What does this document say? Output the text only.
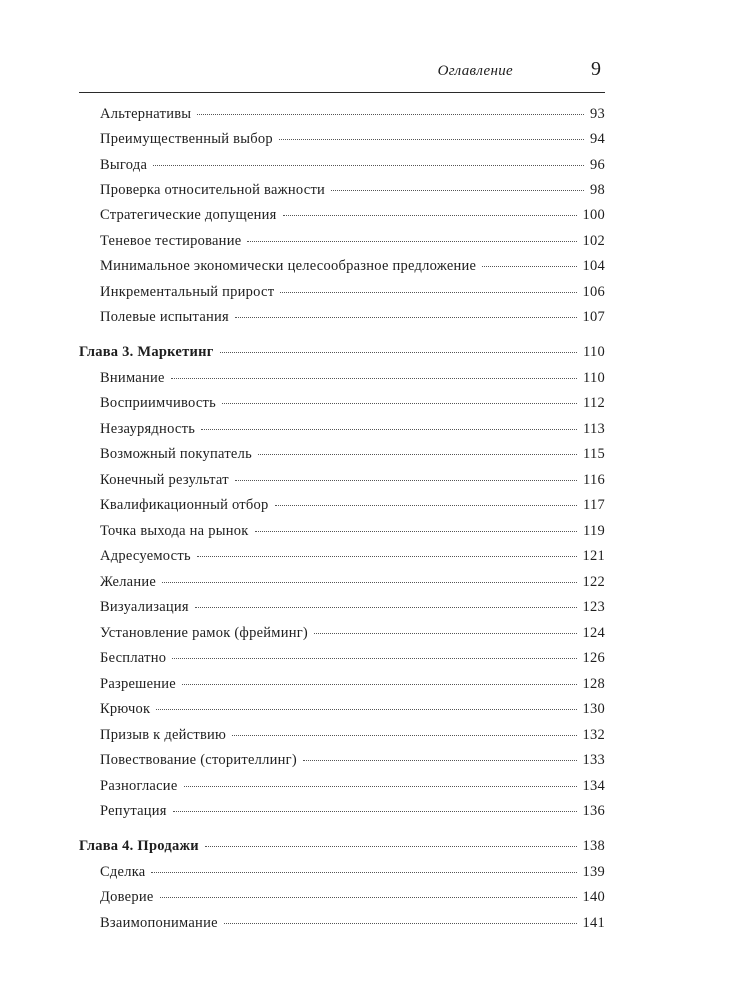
Оглавление	9
Альтернативы	93
Преимущественный выбор	94
Выгода	96
Проверка относительной важности	98
Стратегические допущения	100
Теневое тестирование	102
Минимальное экономически целесообразное предложение	104
Инкрементальный прирост	106
Полевые испытания	107
Глава 3. Маркетинг	110
Внимание	110
Восприимчивость	112
Незаурядность	113
Возможный покупатель	115
Конечный результат	116
Квалификационный отбор	117
Точка выхода на рынок	119
Адресуемость	121
Желание	122
Визуализация	123
Установление рамок (фрейминг)	124
Бесплатно	126
Разрешение	128
Крючок	130
Призыв к действию	132
Повествование (сторителлинг)	133
Разногласие	134
Репутация	136
Глава 4. Продажи	138
Сделка	139
Доверие	140
Взаимопонимание	141
